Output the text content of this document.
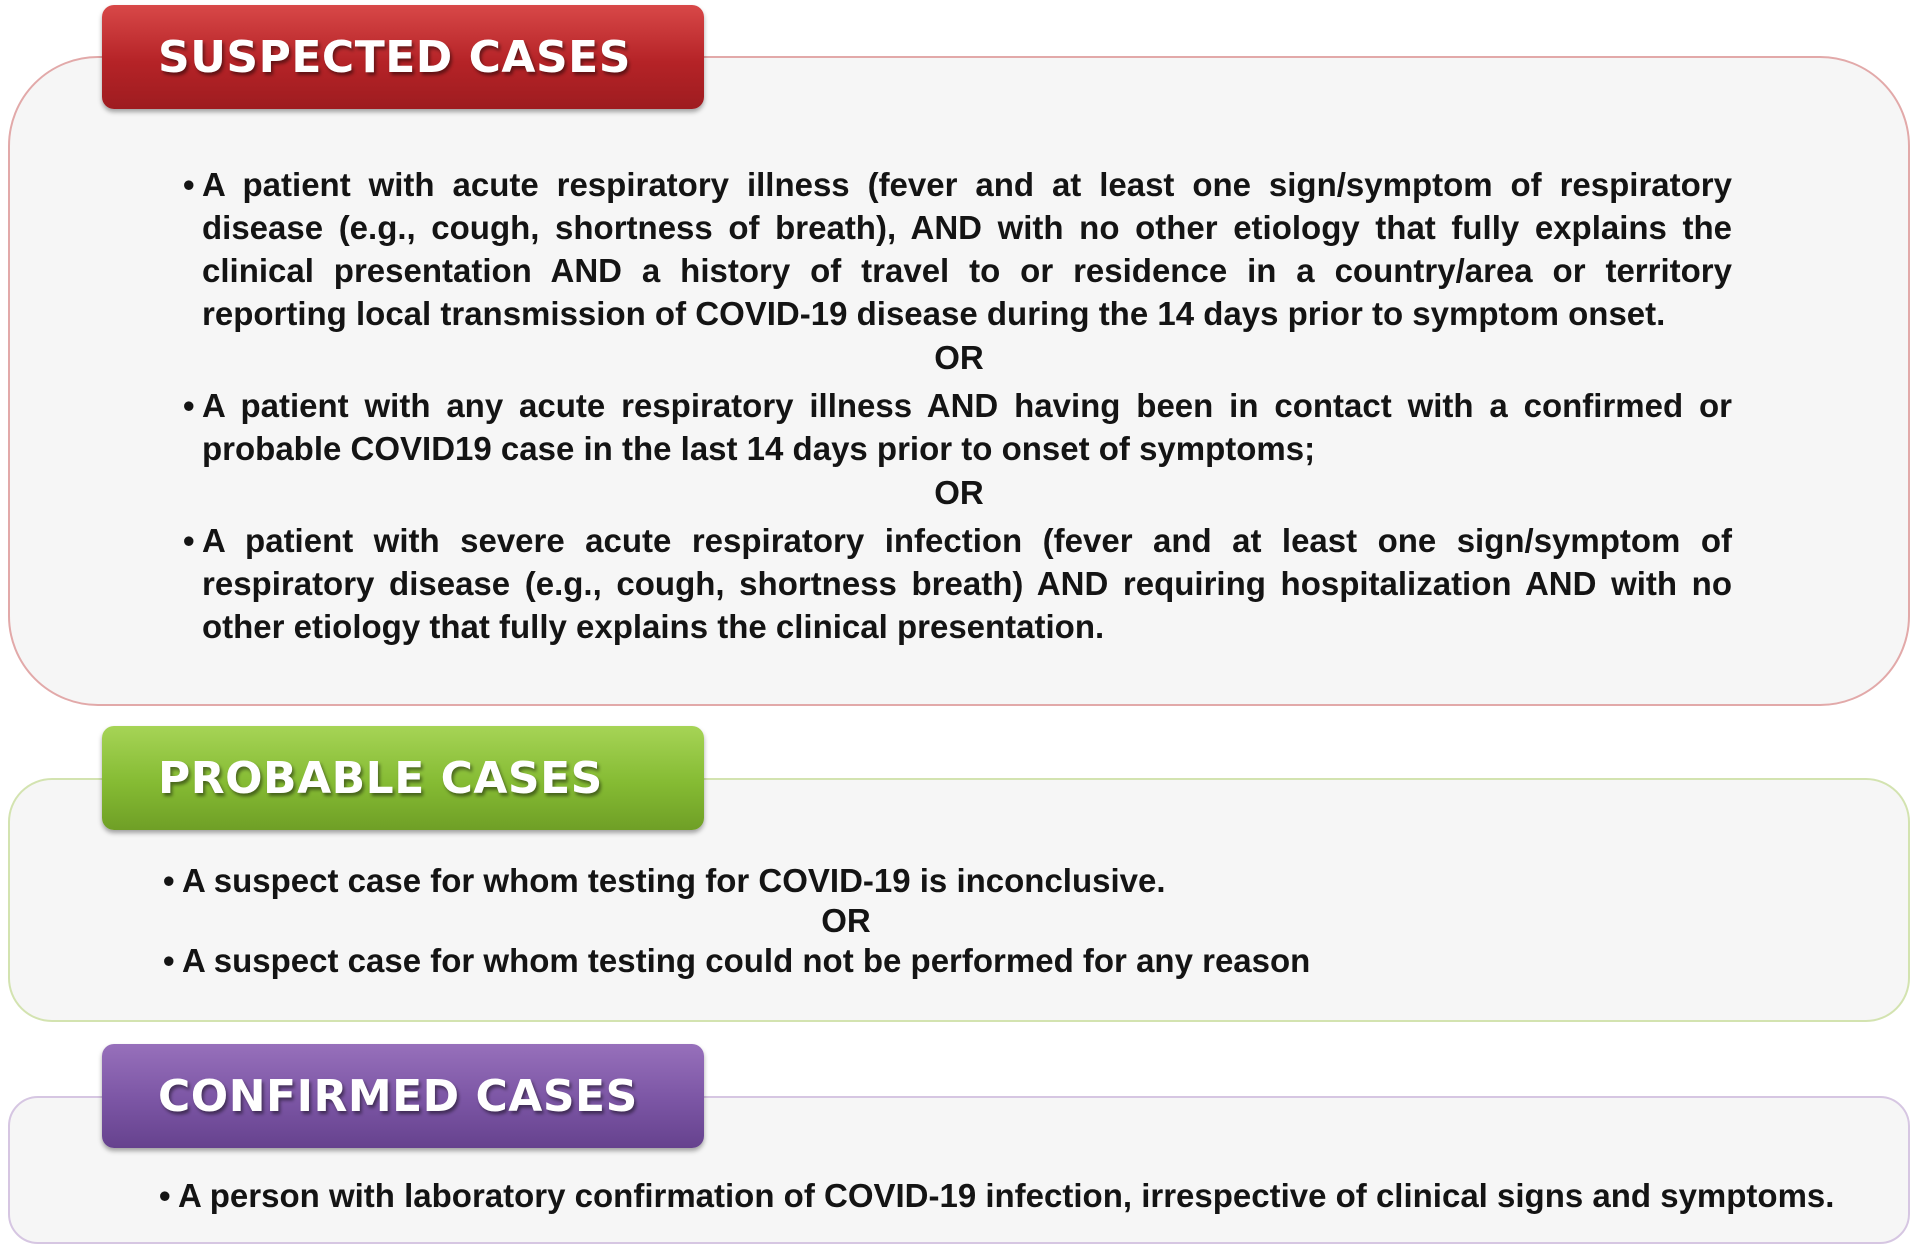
SUSPECTED CASES

• A patient with acute respiratory illness (fever and at least one sign/symptom of respiratory disease (e.g., cough, shortness of breath), AND with no other etiology that fully explains the clinical presentation AND a history of travel to or residence in a country/area or territory reporting local transmission of COVID-19 disease during the 14 days prior to symptom onset.

OR

• A patient with any acute respiratory illness AND having been in contact with a confirmed or probable COVID19 case in the last 14 days prior to onset of symptoms;

OR

• A patient with severe acute respiratory infection (fever and at least one sign/symptom of respiratory disease (e.g., cough, shortness breath) AND requiring hospitalization AND with no other etiology that fully explains the clinical presentation.

PROBABLE CASES

• A suspect case for whom testing for COVID-19 is inconclusive.

OR

• A suspect case for whom testing could not be performed for any reason

CONFIRMED CASES

• A person with laboratory confirmation of COVID-19 infection, irrespective of clinical signs and symptoms.
